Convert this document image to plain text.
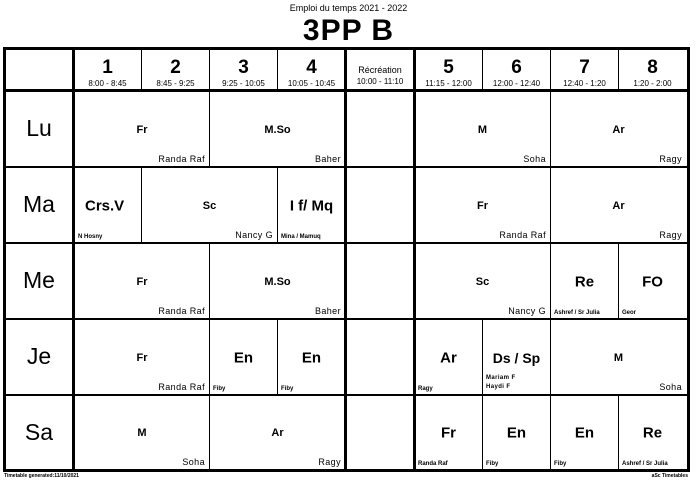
Emploi du temps 2021 - 2022
3PP B
1
8:00 - 8:45
2
8:45 - 9:25
3
9:25 - 10:05
4
10:05 - 10:45
Récréation
10:00 - 11:10
5
11:15 - 12:00
6
12:00 - 12:40
7
12:40 - 1:20
8
1:20 - 2:00
Lu
Ma
Me
Je
Sa
Fr
Randa Raf
M.So
Baher
M
Soha
Ar
Ragy
Crs.V
N Hosny
Sc
Nancy G
I f/ Mq
Mina / Mamuq
Fr
Randa Raf
Ar
Ragy
Fr
Randa Raf
M.So
Baher
Sc
Nancy G
Re
Ashref / Sr Julia
FO
Geor
Fr
Randa Raf
En
Fiby
En
Fiby
Ar
Ragy
Ds / Sp
Mariam F
Haydi F
M
Soha
M
Soha
Ar
Ragy
Fr
Randa Raf
En
Fiby
En
Fiby
Re
Ashref / Sr Julia
Timetable generated:11/10/2021	aSc Timetables
